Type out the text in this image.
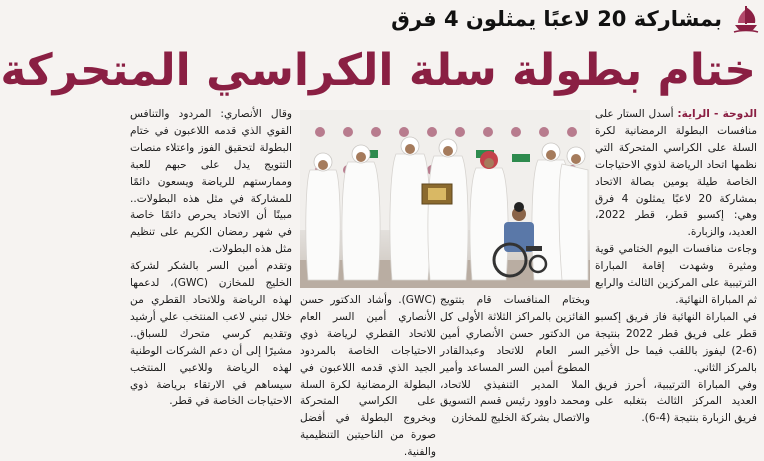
بمشاركة 20 لاعبًا يمثلون 4 فرق
ختام بطولة سلة الكراسي المتحركة

الدوحة - الراية: أسدل الستار على منافسات البطولة الرمضانية لكرة السلة على الكراسي المتحركة التي نظمها اتحاد الرياضة لذوي الاحتياجات الخاصة طيلة يومين بصالة الاتحاد بمشاركة 20 لاعبًا يمثلون 4 فرق وهي: إكسبو قطر، قطر 2022، العديد، والزبارة.

وجاءت منافسات اليوم الختامي قوية ومثيرة وشهدت إقامة المباراة الترتيبية على المركزين الثالث والرابع ثم المباراة النهائية.

في المباراة النهائية فاز فريق إكسبو قطر على فريق قطر 2022 بنتيجة (6-2) ليفوز باللقب فيما حل الأخير بالمركز الثاني.

وفي المباراة الترتيبية، أحرز فريق العديد المركز الثالث بتغلبه على فريق الزبارة بنتيجة (4-6).

وبختام المنافسات قام بتتويج الفائزين بالمراكز الثلاثة الأولى كل من الدكتور حسن الأنصاري أمين السر العام للاتحاد وعبدالقادر المطوع أمين السر المساعد وأمير الملا المدير التنفيذي للاتحاد، ومحمد داوود رئيس قسم التسويق والاتصال بشركة الخليج للمخازن
(GWC). وأشاد الدكتور حسن الأنصاري أمين السر العام للاتحاد القطري لرياضة ذوي الاحتياجات الخاصة بالمردود الجيد الذي قدمه اللاعبون في البطولة الرمضانية لكرة السلة على الكراسي المتحركة وبخروج البطولة في أفضل صورة من الناحيتين التنظيمية والفنية.

وقال الأنصاري: المردود والتنافس القوي الذي قدمه اللاعبون في ختام البطولة لتحقيق الفوز واعتلاء منصات التتويج يدل على حبهم للعبة وممارستهم للرياضة ويسعون دائمًا للمشاركة في مثل هذه البطولات.. مبينًا أن الاتحاد يحرص دائمًا خاصة في شهر رمضان الكريم على تنظيم مثل هذه البطولات.

وتقدم أمين السر بالشكر لشركة الخليج للمخازن (GWC)، لدعمها لهذه الرياضة وللاتحاد القطري من خلال تبني لاعب المنتخب علي أرشيد وتقديم كرسي متحرك للسباق.. مشيرًا إلى أن دعم الشركات الوطنية لهذه الرياضة وللاعبي المنتخب سيساهم في الارتقاء برياضة ذوي الاحتياجات الخاصة في قطر.
